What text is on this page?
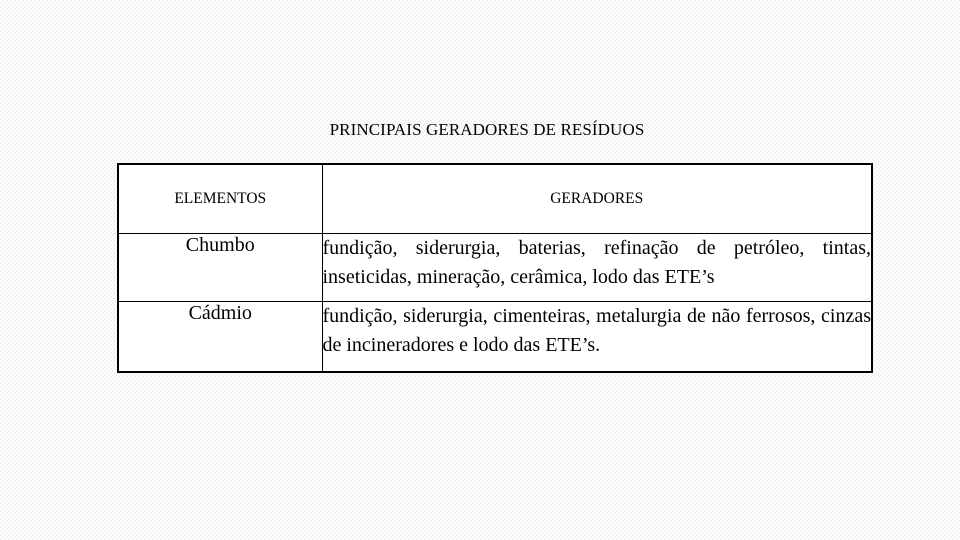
PRINCIPAIS GERADORES DE RESÍDUOS
ELEMENTOS	GERADORES
Chumbo	fundição, siderurgia, baterias, refinação de petróleo, tintas, inseticidas, mineração, cerâmica, lodo das ETE’s
Cádmio	fundição, siderurgia, cimenteiras, metalurgia de não ferrosos, cinzas de incineradores e lodo das ETE’s.
